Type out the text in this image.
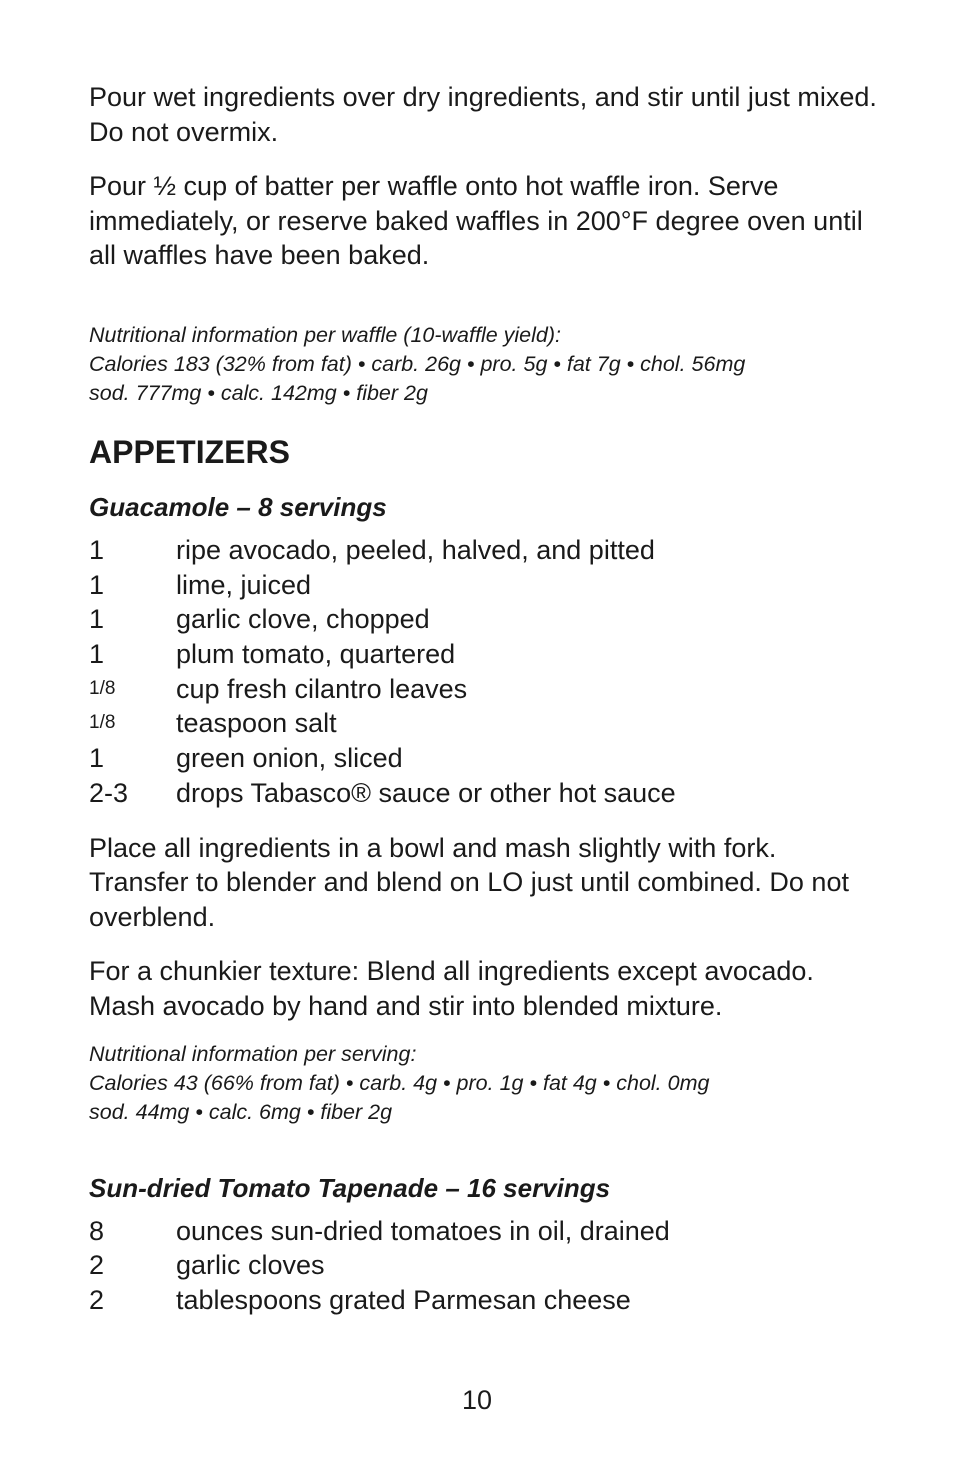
Pour wet ingredients over dry ingredients, and stir until just mixed. Do not overmix.

Pour ½ cup of batter per waffle onto hot waffle iron. Serve immediately, or reserve baked waffles in 200°F degree oven until all waffles have been baked.

Nutritional information per waffle (10-waffle yield):

Calories 183 (32% from fat) • carb. 26g • pro. 5g • fat 7g • chol. 56mg

sod. 777mg • calc. 142mg • fiber 2g

APPETIZERS
Guacamole – 8 servings
1	ripe avocado, peeled, halved, and pitted
1	lime, juiced
1	garlic clove, chopped
1	plum tomato, quartered
1/8	cup fresh cilantro leaves
1/8	teaspoon salt
1	green onion, sliced
2-3	drops Tabasco® sauce or other hot sauce

Place all ingredients in a bowl and mash slightly with fork. Transfer to blender and blend on LO just until combined. Do not overblend.

For a chunkier texture: Blend all ingredients except avocado. Mash avocado by hand and stir into blended mixture.

Nutritional information per serving:

Calories 43 (66% from fat) • carb. 4g • pro. 1g • fat 4g • chol. 0mg

sod. 44mg • calc. 6mg • fiber 2g

Sun-dried Tomato Tapenade – 16 servings
8	ounces sun-dried tomatoes in oil, drained
2	garlic cloves
2	tablespoons grated Parmesan cheese
10
